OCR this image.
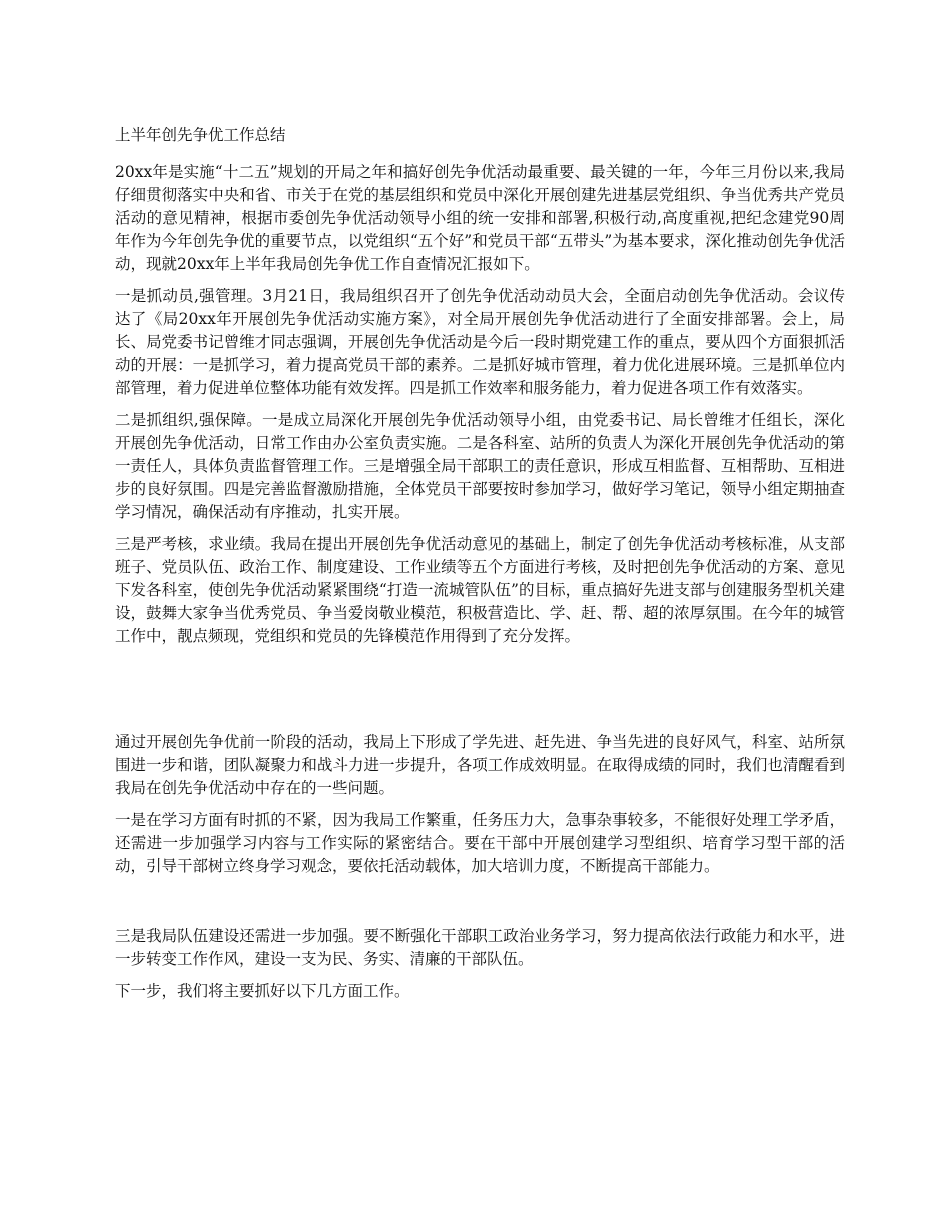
上半年创先争优工作总结

20xx年是实施“十二五”规划的开局之年和搞好创先争优活动最重要、最关键的一年，今年三月份以来,我局仔细贯彻落实中央和省、市关于在党的基层组织和党员中深化开展创建先进基层党组织、争当优秀共产党员活动的意见精神，根据市委创先争优活动领导小组的统一安排和部署,积极行动,高度重视,把纪念建党90周年作为今年创先争优的重要节点，以党组织“五个好”和党员干部“五带头”为基本要求，深化推动创先争优活动，现就20xx年上半年我局创先争优工作自查情况汇报如下。

一是抓动员,强管理。3月21日，我局组织召开了创先争优活动动员大会，全面启动创先争优活动。会议传达了《局20xx年开展创先争优活动实施方案》，对全局开展创先争优活动进行了全面安排部署。会上，局长、局党委书记曾维才同志强调，开展创先争优活动是今后一段时期党建工作的重点，要从四个方面狠抓活动的开展：一是抓学习，着力提高党员干部的素养。二是抓好城市管理，着力优化进展环境。三是抓单位内部管理，着力促进单位整体功能有效发挥。四是抓工作效率和服务能力，着力促进各项工作有效落实。

二是抓组织,强保障。一是成立局深化开展创先争优活动领导小组，由党委书记、局长曾维才任组长，深化开展创先争优活动，日常工作由办公室负责实施。二是各科室、站所的负责人为深化开展创先争优活动的第一责任人，具体负责监督管理工作。三是增强全局干部职工的责任意识，形成互相监督、互相帮助、互相进步的良好氛围。四是完善监督激励措施，全体党员干部要按时参加学习，做好学习笔记，领导小组定期抽查学习情况，确保活动有序推动，扎实开展。

三是严考核，求业绩。我局在提出开展创先争优活动意见的基础上，制定了创先争优活动考核标准，从支部班子、党员队伍、政治工作、制度建设、工作业绩等五个方面进行考核，及时把创先争优活动的方案、意见下发各科室，使创先争优活动紧紧围绕“打造一流城管队伍”的目标，重点搞好先进支部与创建服务型机关建设，鼓舞大家争当优秀党员、争当爱岗敬业模范，积极营造比、学、赶、帮、超的浓厚氛围。在今年的城管工作中，靓点频现，党组织和党员的先锋模范作用得到了充分发挥。

通过开展创先争优前一阶段的活动，我局上下形成了学先进、赶先进、争当先进的良好风气，科室、站所氛围进一步和谐，团队凝聚力和战斗力进一步提升，各项工作成效明显。在取得成绩的同时，我们也清醒看到我局在创先争优活动中存在的一些问题。

一是在学习方面有时抓的不紧，因为我局工作繁重，任务压力大，急事杂事较多，不能很好处理工学矛盾，还需进一步加强学习内容与工作实际的紧密结合。要在干部中开展创建学习型组织、培育学习型干部的活动，引导干部树立终身学习观念，要依托活动载体，加大培训力度，不断提高干部能力。

三是我局队伍建设还需进一步加强。要不断强化干部职工政治业务学习，努力提高依法行政能力和水平，进一步转变工作作风，建设一支为民、务实、清廉的干部队伍。

下一步，我们将主要抓好以下几方面工作。
